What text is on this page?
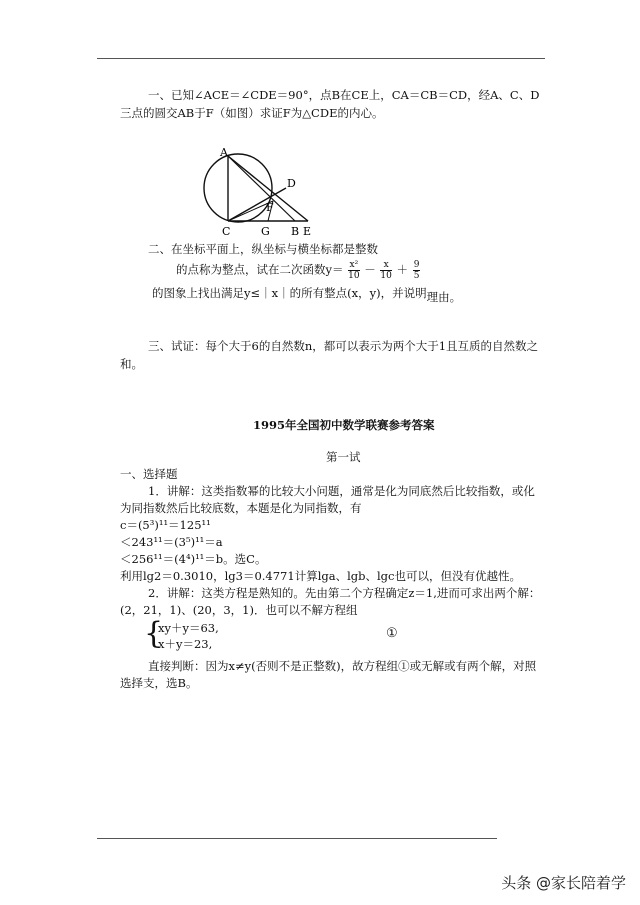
一、已知∠ACE＝∠CDE＝90°，点B在CE上，CA＝CB＝CD，经A、C、D
三点的圆交AB于F（如图）求证F为△CDE的内心。
A
D
F
C	G B E
二、在坐标平面上，纵坐标与横坐标都是整数
的点称为整点，试在二次函数$y= \frac{\text{x²}}{10} - \frac{x}{10} + \frac{9}{5}$
的图象上找出满足y≤｜x｜的所有整点(x，y)，并说明理由。
三、试证：每个大于6的自然数n，都可以表示为两个大于1且互质的自然数之
和。
1995年全国初中数学联赛参考答案
第一试
一、选择题
1．讲解：这类指数幂的比较大小问题，通常是化为同底然后比较指数，或化
为同指数然后比较底数，本题是化为同指数，有
c＝(5³)¹¹＝125¹¹
＜243¹¹＝(3⁵)¹¹＝a
＜256¹¹＝(4⁴)¹¹＝b。选C。
利用lg2＝0.3010，lg3＝0.4771计算lga、lgb、lgc也可以，但没有优越性。
2．讲解：这类方程是熟知的。先由第二个方程确定z＝1,进而可求出两个解：
(2，21，1)、(20，3，1)．也可以不解方程组
{
xy＋y＝63,
x＋y＝23,
①
直接判断：因为x≠y(否则不是正整数)，故方程组①或无解或有两个解，对照
选择支，选B。
头条 @家长陪着学
